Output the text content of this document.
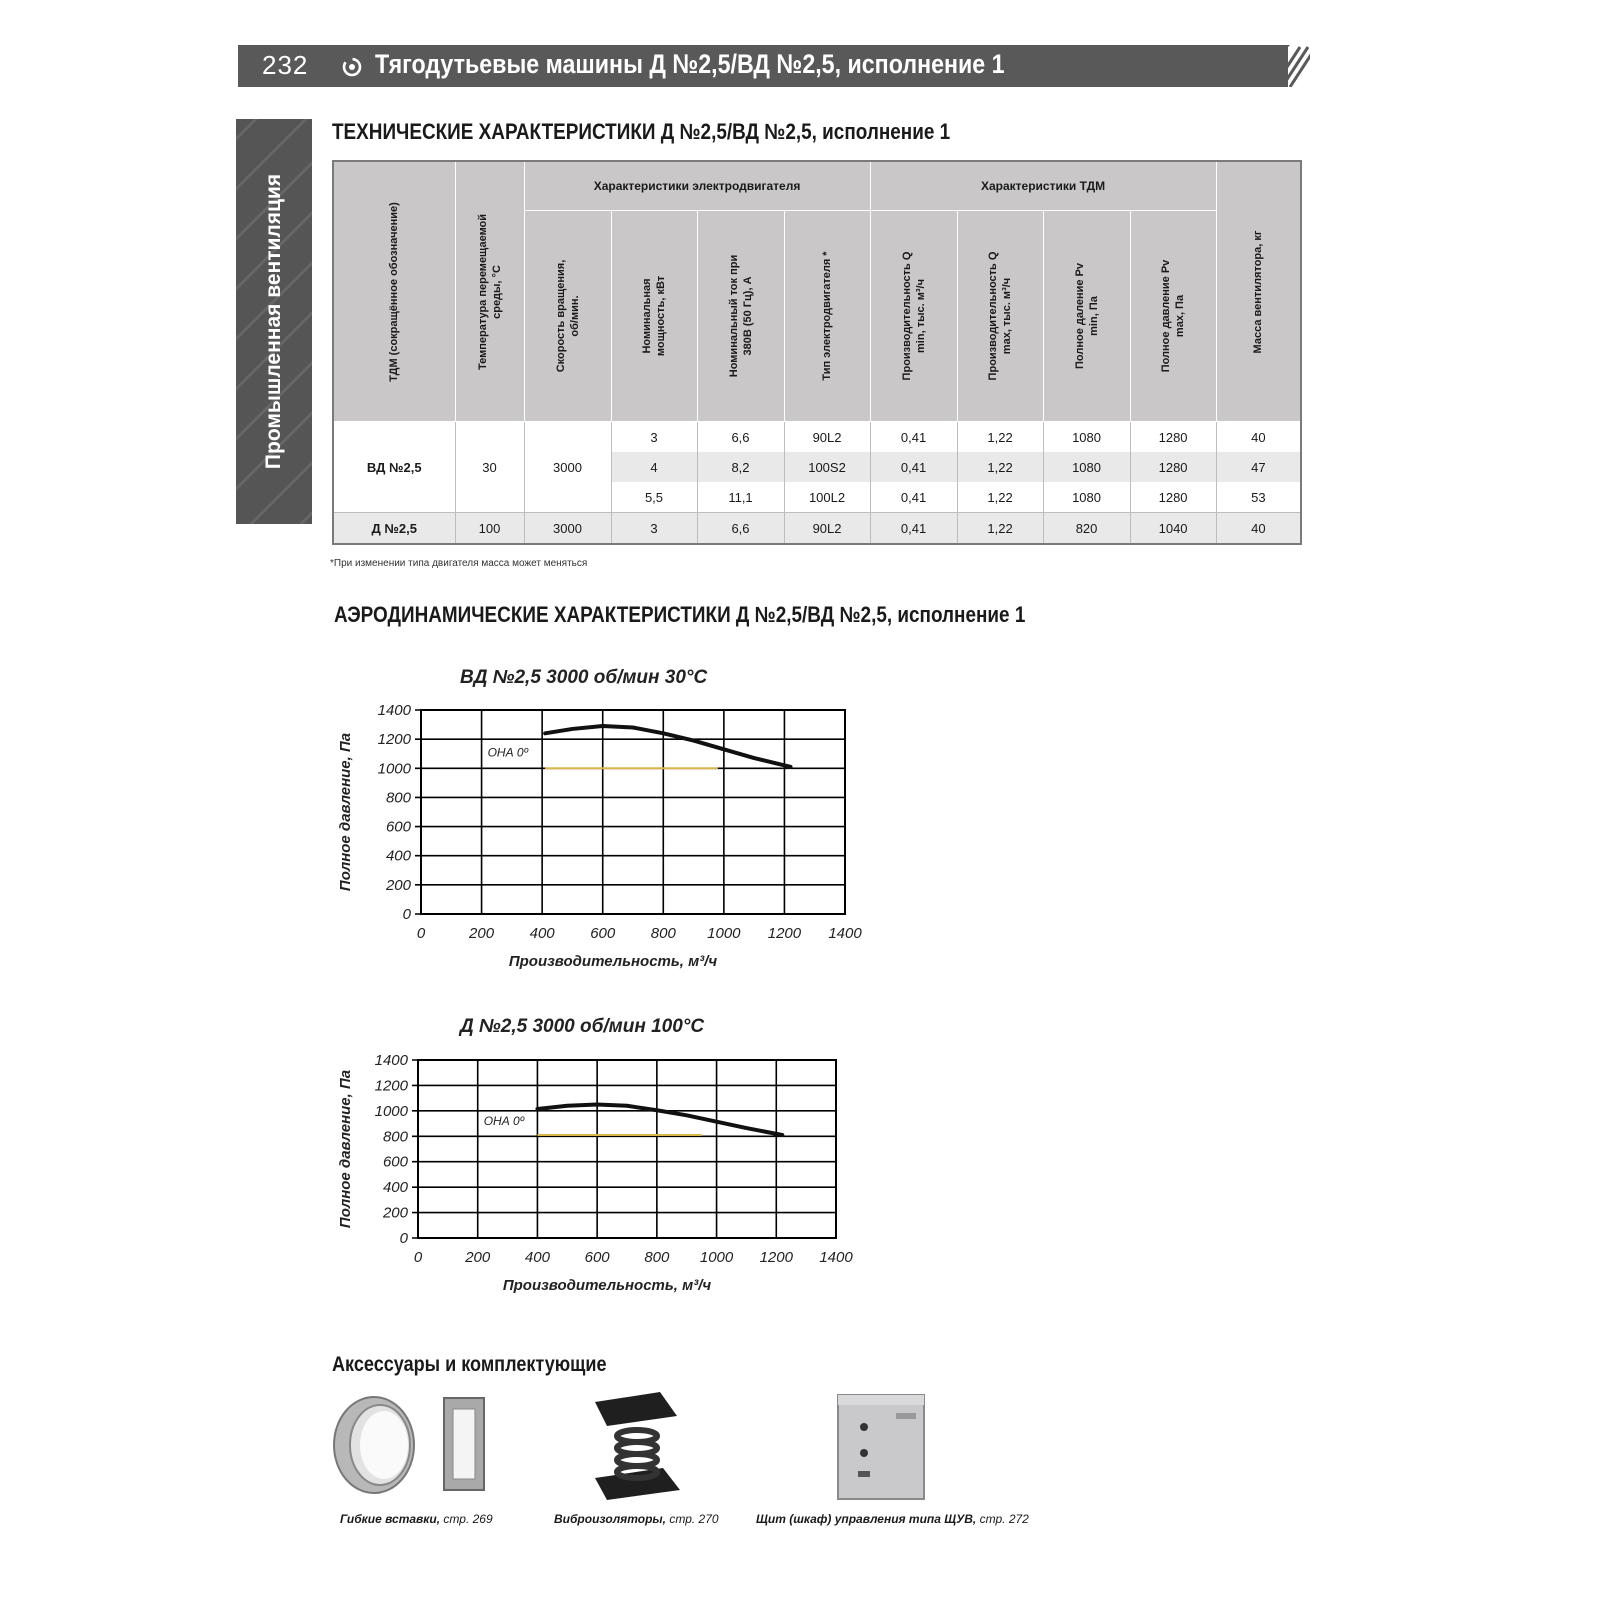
232 Тягодутьевые машины Д №2,5/ВД №2,5, исполнение 1
Промышленная вентиляция
ТЕХНИЧЕСКИЕ ХАРАКТЕРИСТИКИ Д №2,5/ВД №2,5, исполнение 1
ТДМ (сокращённое обозначение)	Температура перемещаемой среды, °С	Характеристики электродвигателя				Характеристики ТДМ				Масса вентилятора, кг

		Скорость вращения, об/мин.	Номинальная мощность, кВт	Номинальный ток при 380В (50 Гц), А	Тип электродвигателя *	Производительность Q min, тыс. м³/ч	Производительность Q max, тыс. м³/ч	Полное даление Pv min, Па	Полное давление Pv max, Па	

ВД №2,5	30	3000	3	6,6	90L2	0,41	1,22	1080	1280	40
			4	8,2	100S2	0,41	1,22	1080	1280	47
			5,5	11,1	100L2	0,41	1,22	1080	1280	53
Д №2,5	100	3000	3	6,6	90L2	0,41	1,22	820	1040	40
*При изменении типа двигателя масса может меняться
АЭРОДИНАМИЧЕСКИЕ ХАРАКТЕРИСТИКИ Д №2,5/ВД №2,5, исполнение 1
ВД №2,5 3000 об/мин 30°С
0	200 400 600 800 1000 1200 1400
0
200
400
600
800
1000
1200
1400
Производительность, м³/ч
Полное давление, Па	ОНА 0º
Д №2,5 3000 об/мин 100°С
0	200 400 600 800 1000 1200 1400
0
200
400
600
800
1000
1200
1400
Производительность, м³/ч
Полное давление, Па	ОНА 0º
Аксессуары и комплектующие
Гибкие вставки, стр. 269	Виброизоляторы, стр. 270	Щит (шкаф) управления типа ЩУВ, стр. 272
